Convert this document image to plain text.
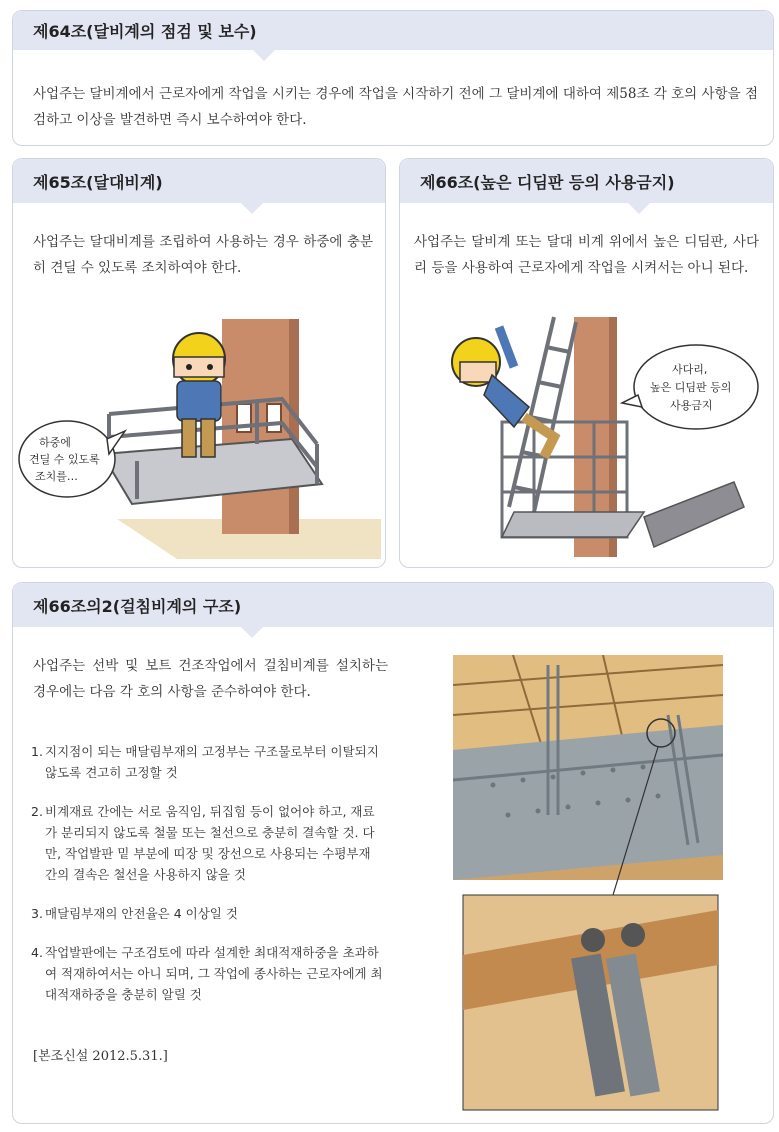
제64조(달비계의 점검 및 보수)
사업주는 달비계에서 근로자에게 작업을 시키는 경우에 작업을 시작하기 전에 그 달비계에 대하여 제58조 각 호의 사항을 점검하고 이상을 발견하면 즉시 보수하여야 한다.
제65조(달대비계)
사업주는 달대비계를 조립하여 사용하는 경우 하중에 충분히 견딜 수 있도록 조치하여야 한다.
하중에
견딜 수 있도록
조치를…
제66조(높은 디딤판 등의 사용금지)
사업주는 달비계 또는 달대 비계 위에서 높은 디딤판, 사다리 등을 사용하여 근로자에게 작업을 시켜서는 아니 된다.
사다리,
높은 디딤판 등의
사용금지
제66조의2(걸침비계의 구조)
사업주는 선박 및 보트 건조작업에서 걸침비계를 설치하는 경우에는 다음 각 호의 사항을 준수하여야 한다.
1. 지지점이 되는 매달림부재의 고정부는 구조물로부터 이탈되지 않도록 견고히 고정할 것
2. 비계재료 간에는 서로 움직임, 뒤집힘 등이 없어야 하고, 재료가 분리되지 않도록 철물 또는 철선으로 충분히 결속할 것. 다만, 작업발판 밑 부분에 띠장 및 장선으로 사용되는 수평부재 간의 결속은 철선을 사용하지 않을 것
3. 매달림부재의 안전율은 4 이상일 것
4. 작업발판에는 구조검토에 따라 설계한 최대적재하중을 초과하여 적재하여서는 아니 되며, 그 작업에 종사하는 근로자에게 최대적재하중을 충분히 알릴 것
[본조신설 2012.5.31.]
